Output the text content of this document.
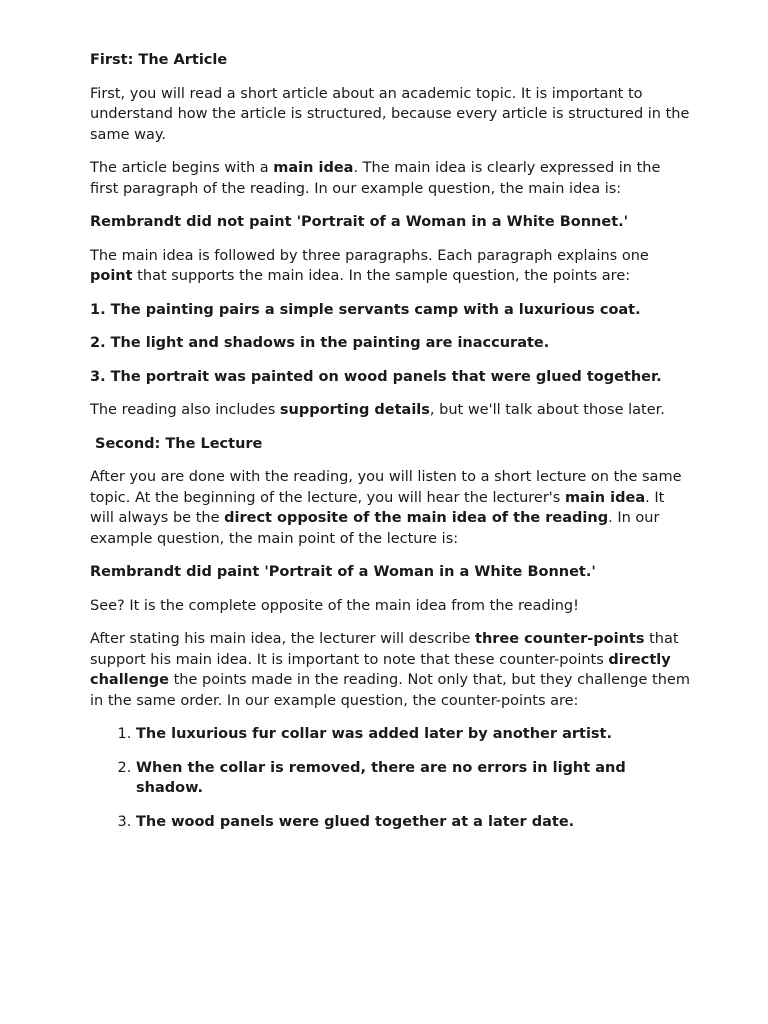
First: The Article

First, you will read a short article about an academic topic. It is important to understand how the article is structured, because every article is structured in the same way.

The article begins with a main idea. The main idea is clearly expressed in the first paragraph of the reading. In our example question, the main idea is:

Rembrandt did not paint 'Portrait of a Woman in a White Bonnet.'

The main idea is followed by three paragraphs. Each paragraph explains one point that supports the main idea. In the sample question, the points are:

1. The painting pairs a simple servants camp with a luxurious coat.

2. The light and shadows in the painting are inaccurate.

3. The portrait was painted on wood panels that were glued together.

The reading also includes supporting details, but we'll talk about those later.

Second: The Lecture

After you are done with the reading, you will listen to a short lecture on the same topic. At the beginning of the lecture, you will hear the lecturer's main idea. It will always be the direct opposite of the main idea of the reading. In our example question, the main point of the lecture is:

Rembrandt did paint 'Portrait of a Woman in a White Bonnet.'

See? It is the complete opposite of the main idea from the reading!

After stating his main idea, the lecturer will describe three counter-points that support his main idea. It is important to note that these counter-points directly challenge the points made in the reading. Not only that, but they challenge them in the same order. In our example question, the counter-points are:

1. The luxurious fur collar was added later by another artist.
2. When the collar is removed, there are no errors in light and shadow.
3. The wood panels were glued together at a later date.
